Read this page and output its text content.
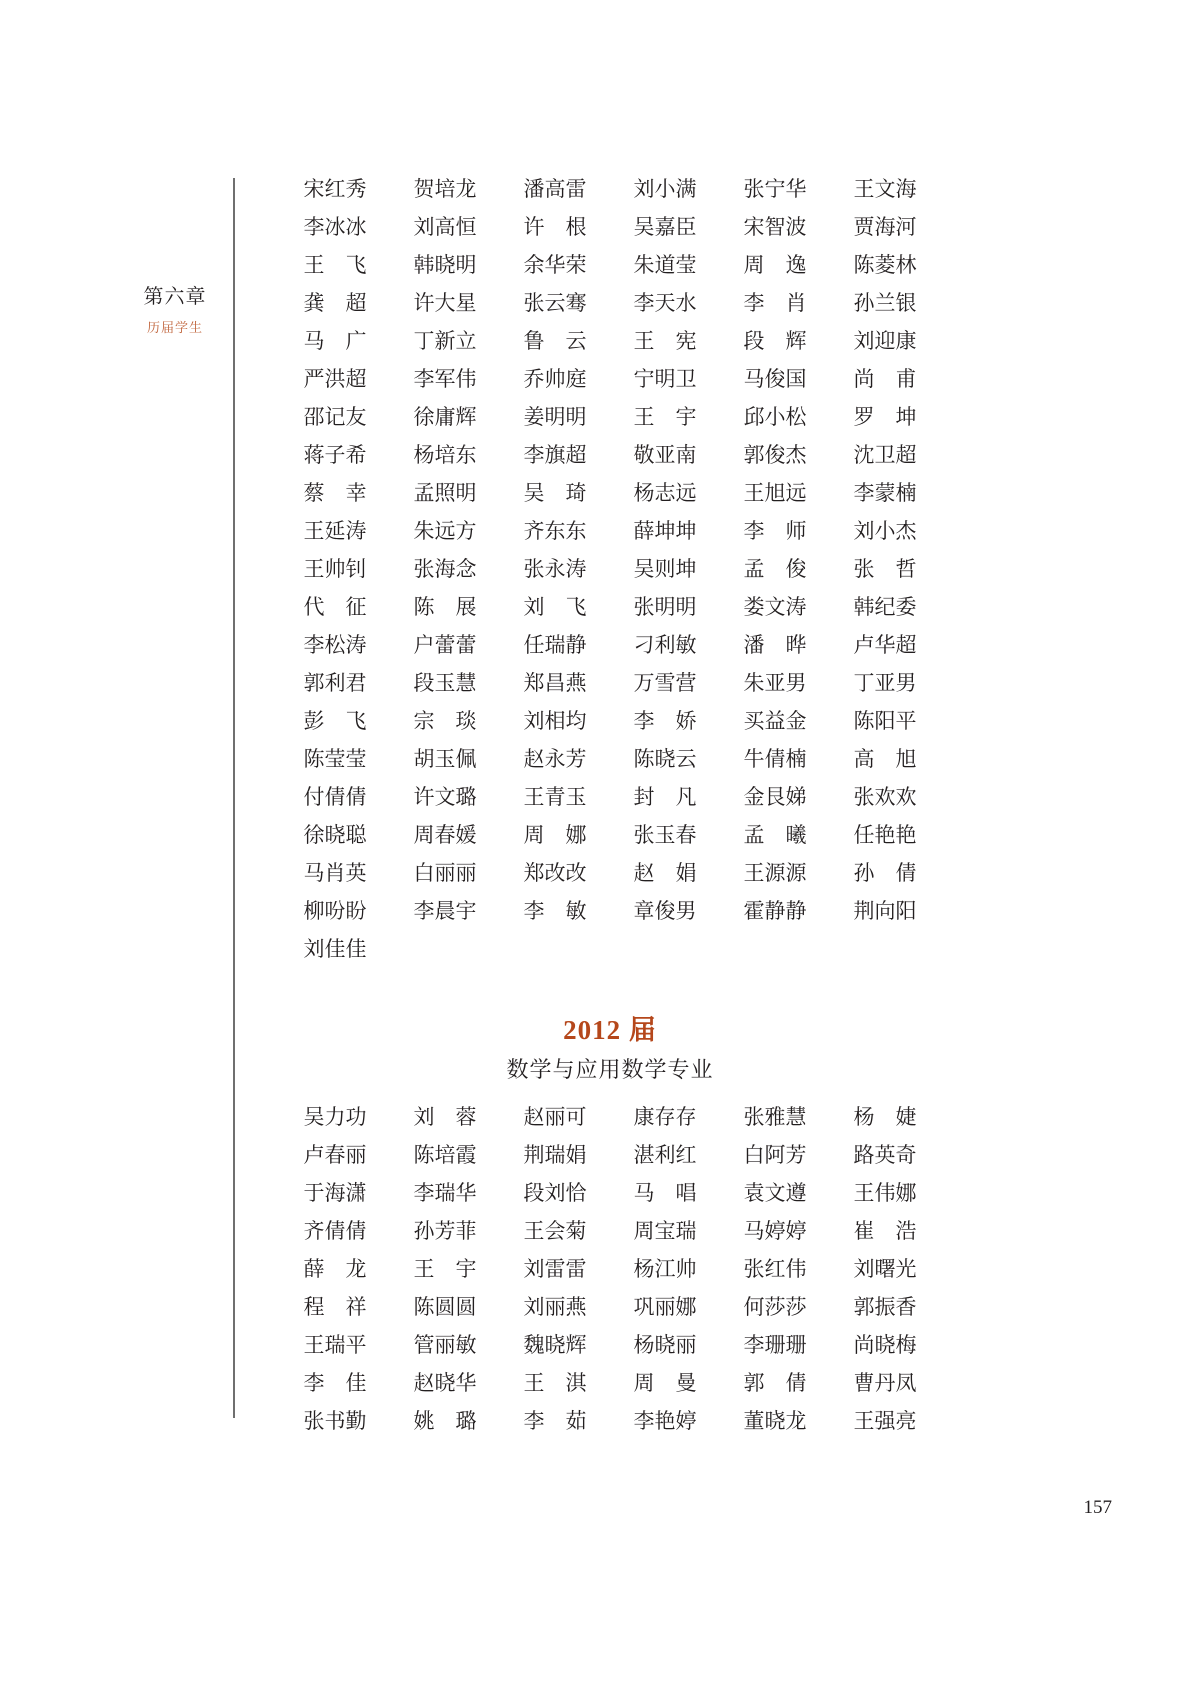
第六章
历届学生
宋红秀	贺培龙	潘高雷	刘小满	张宁华	王文海
李冰冰	刘高恒	许　根	吴嘉臣	宋智波	贾海河
王　飞	韩晓明	余华荣	朱道莹	周　逸	陈菱林
龚　超	许大星	张云骞	李天水	李　肖	孙兰银
马　广	丁新立	鲁　云	王　宪	段　辉	刘迎康
严洪超	李军伟	乔帅庭	宁明卫	马俊国	尚　甫
邵记友	徐庸辉	姜明明	王　宇	邱小松	罗　坤
蒋子希	杨培东	李旗超	敬亚南	郭俊杰	沈卫超
蔡　幸	孟照明	吴　琦	杨志远	王旭远	李蒙楠
王延涛	朱远方	齐东东	薛坤坤	李　师	刘小杰
王帅钊	张海念	张永涛	吴则坤	孟　俊	张　哲
代　征	陈　展	刘　飞	张明明	娄文涛	韩纪委
李松涛	户蕾蕾	任瑞静	刁利敏	潘　晔	卢华超
郭利君	段玉慧	郑昌燕	万雪营	朱亚男	丁亚男
彭　飞	宗　琰	刘相均	李　娇	买益金	陈阳平
陈莹莹	胡玉佩	赵永芳	陈晓云	牛倩楠	高　旭
付倩倩	许文璐	王青玉	封　凡	金艮娣	张欢欢
徐晓聪	周春媛	周　娜	张玉春	孟　曦	任艳艳
马肖英	白丽丽	郑改改	赵　娟	王源源	孙　倩
柳吩盼	李晨宇	李　敏	章俊男	霍静静	荆向阳
刘佳佳
2012 届
数学与应用数学专业
吴力功	刘　蓉	赵丽可	康存存	张雅慧	杨　婕
卢春丽	陈培霞	荆瑞娟	湛利红	白阿芳	路英奇
于海潇	李瑞华	段刘恰	马　唱	袁文遵	王伟娜
齐倩倩	孙芳菲	王会菊	周宝瑞	马婷婷	崔　浩
薛　龙	王　宇	刘雷雷	杨江帅	张红伟	刘曙光
程　祥	陈圆圆	刘丽燕	巩丽娜	何莎莎	郭振香
王瑞平	管丽敏	魏晓辉	杨晓丽	李珊珊	尚晓梅
李　佳	赵晓华	王　淇	周　曼	郭　倩	曹丹凤
张书勤	姚　璐	李　茹	李艳婷	董晓龙	王强亮
157
